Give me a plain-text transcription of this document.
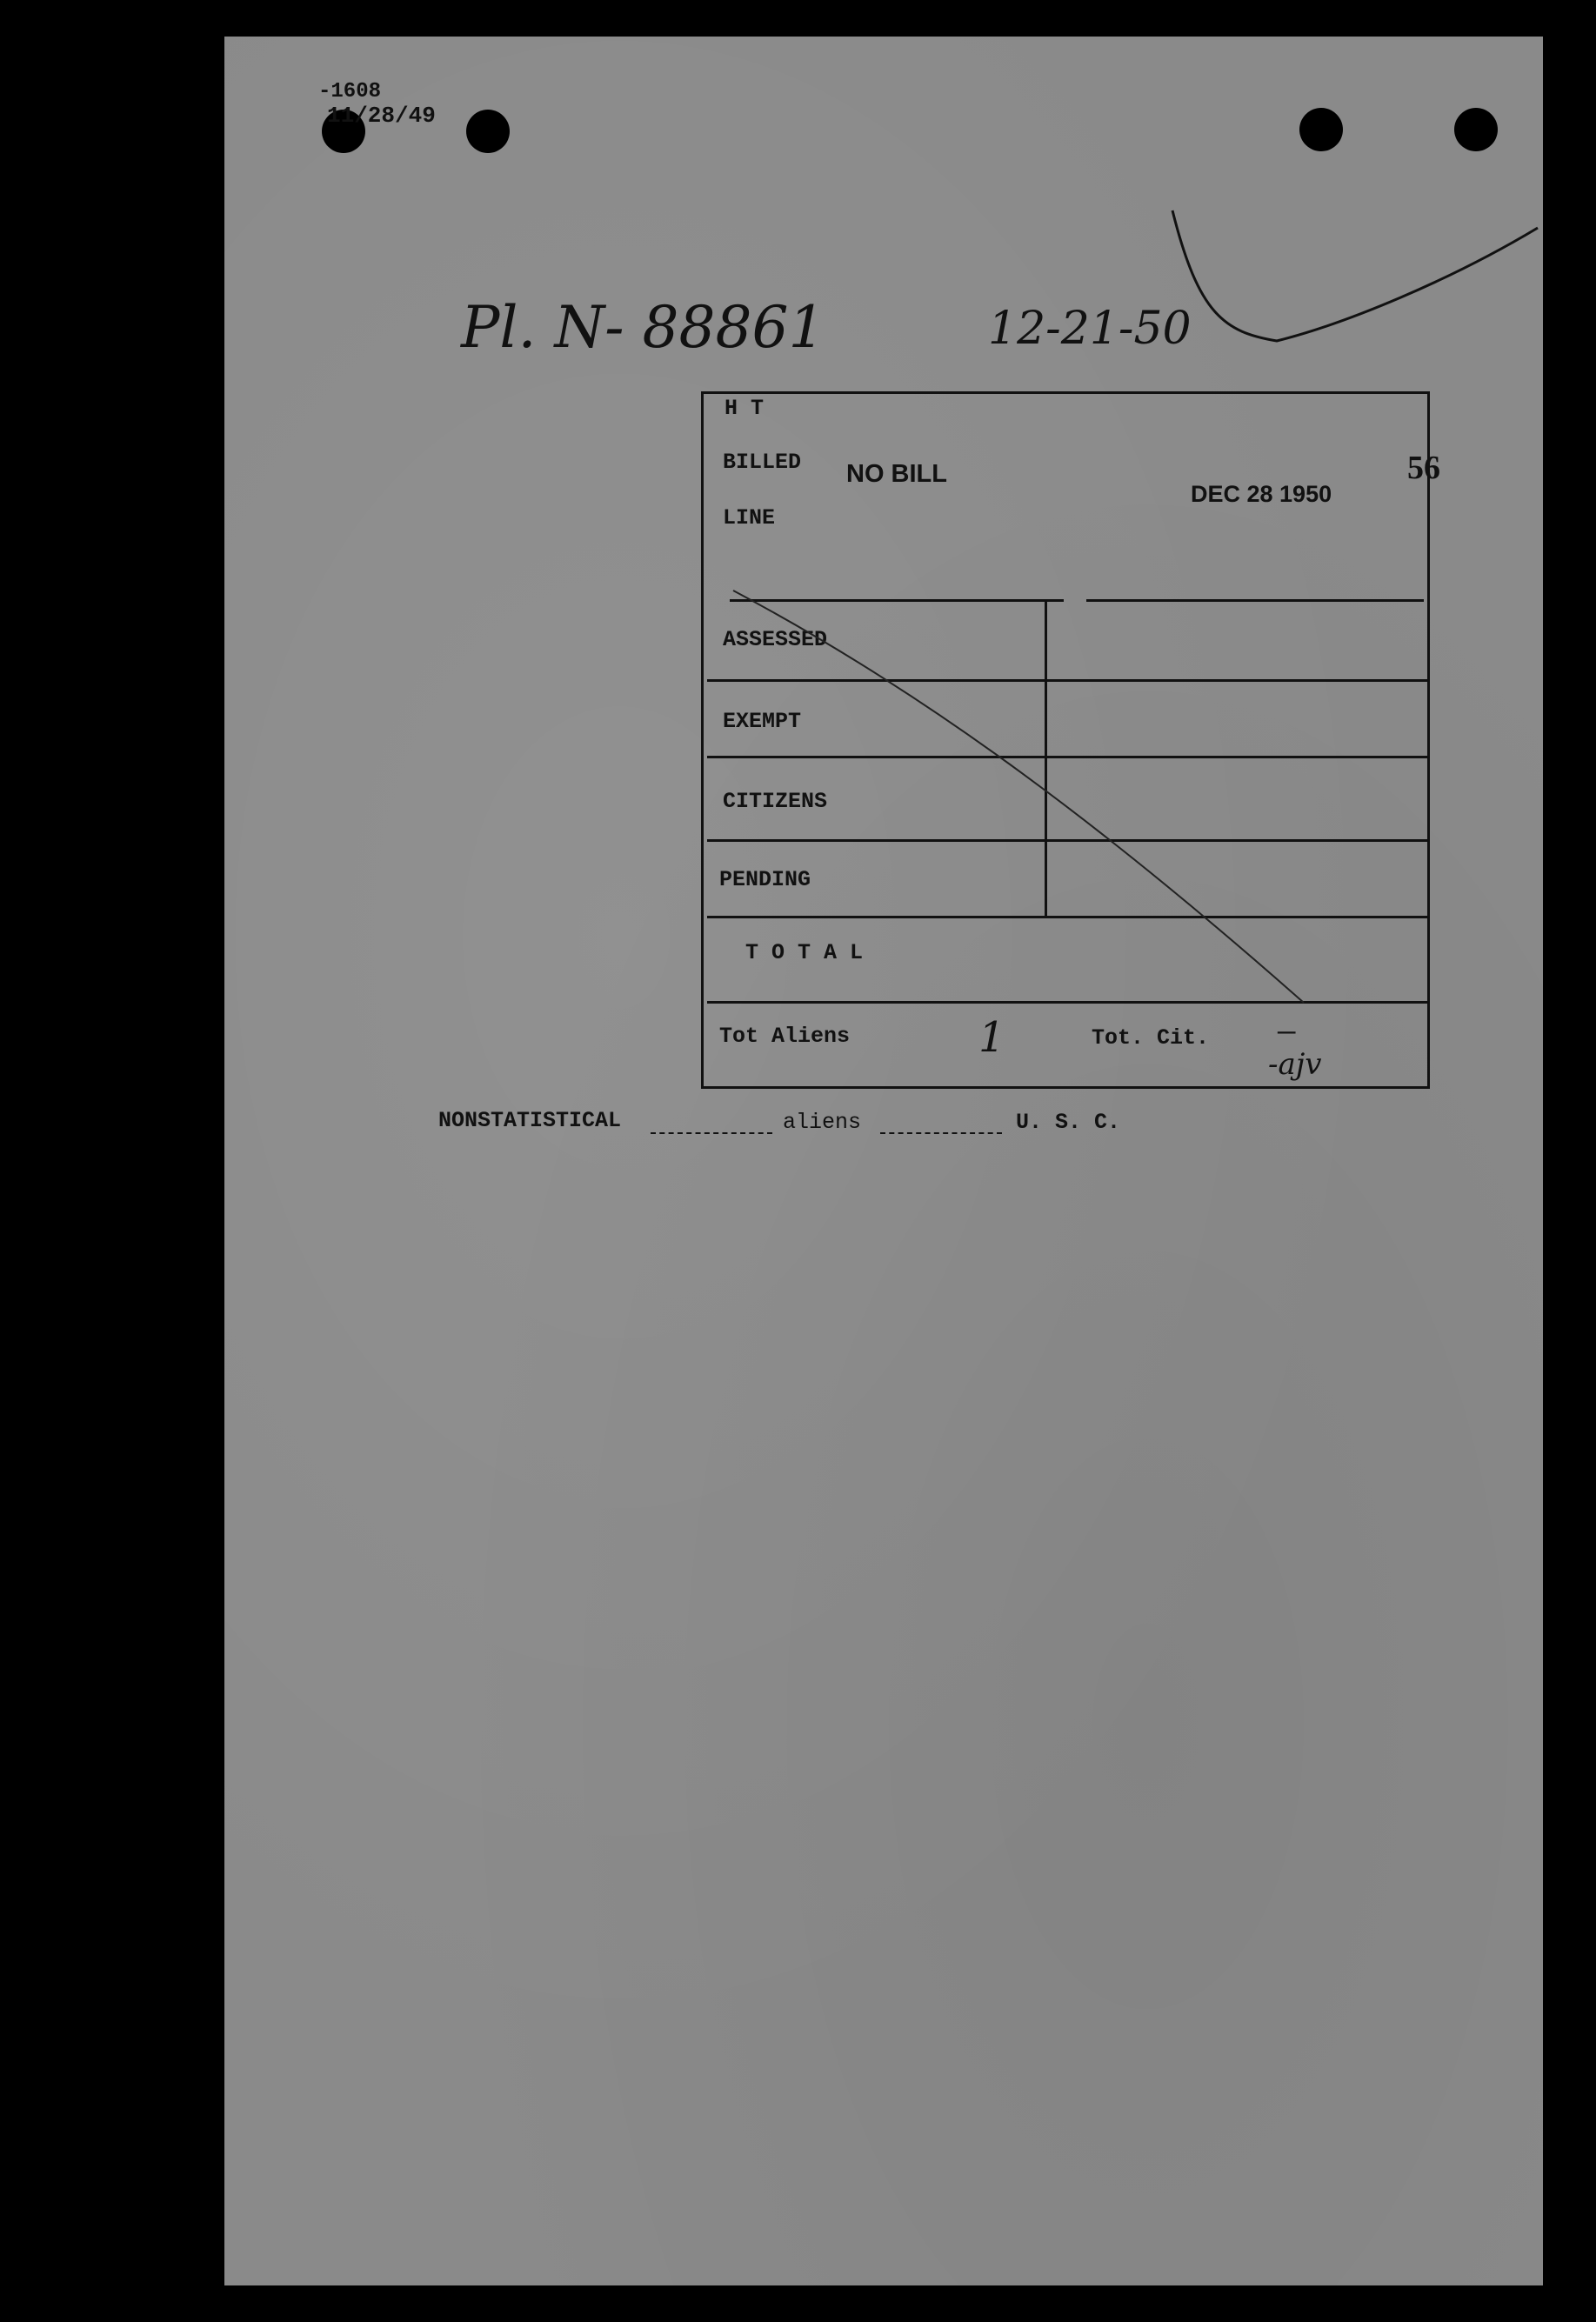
-1608
11/28/49
Pl. N- 88861	12-21-50
56
H T
BILLED
LINE
NO BILL
DEC 28 1950
ASSESSED
EXEMPT
CITIZENS
PENDING
T O T A L
Tot Aliens	1	Tot. Cit. —
-ajv
NONSTATISTICAL	aliens	U. S. C.
